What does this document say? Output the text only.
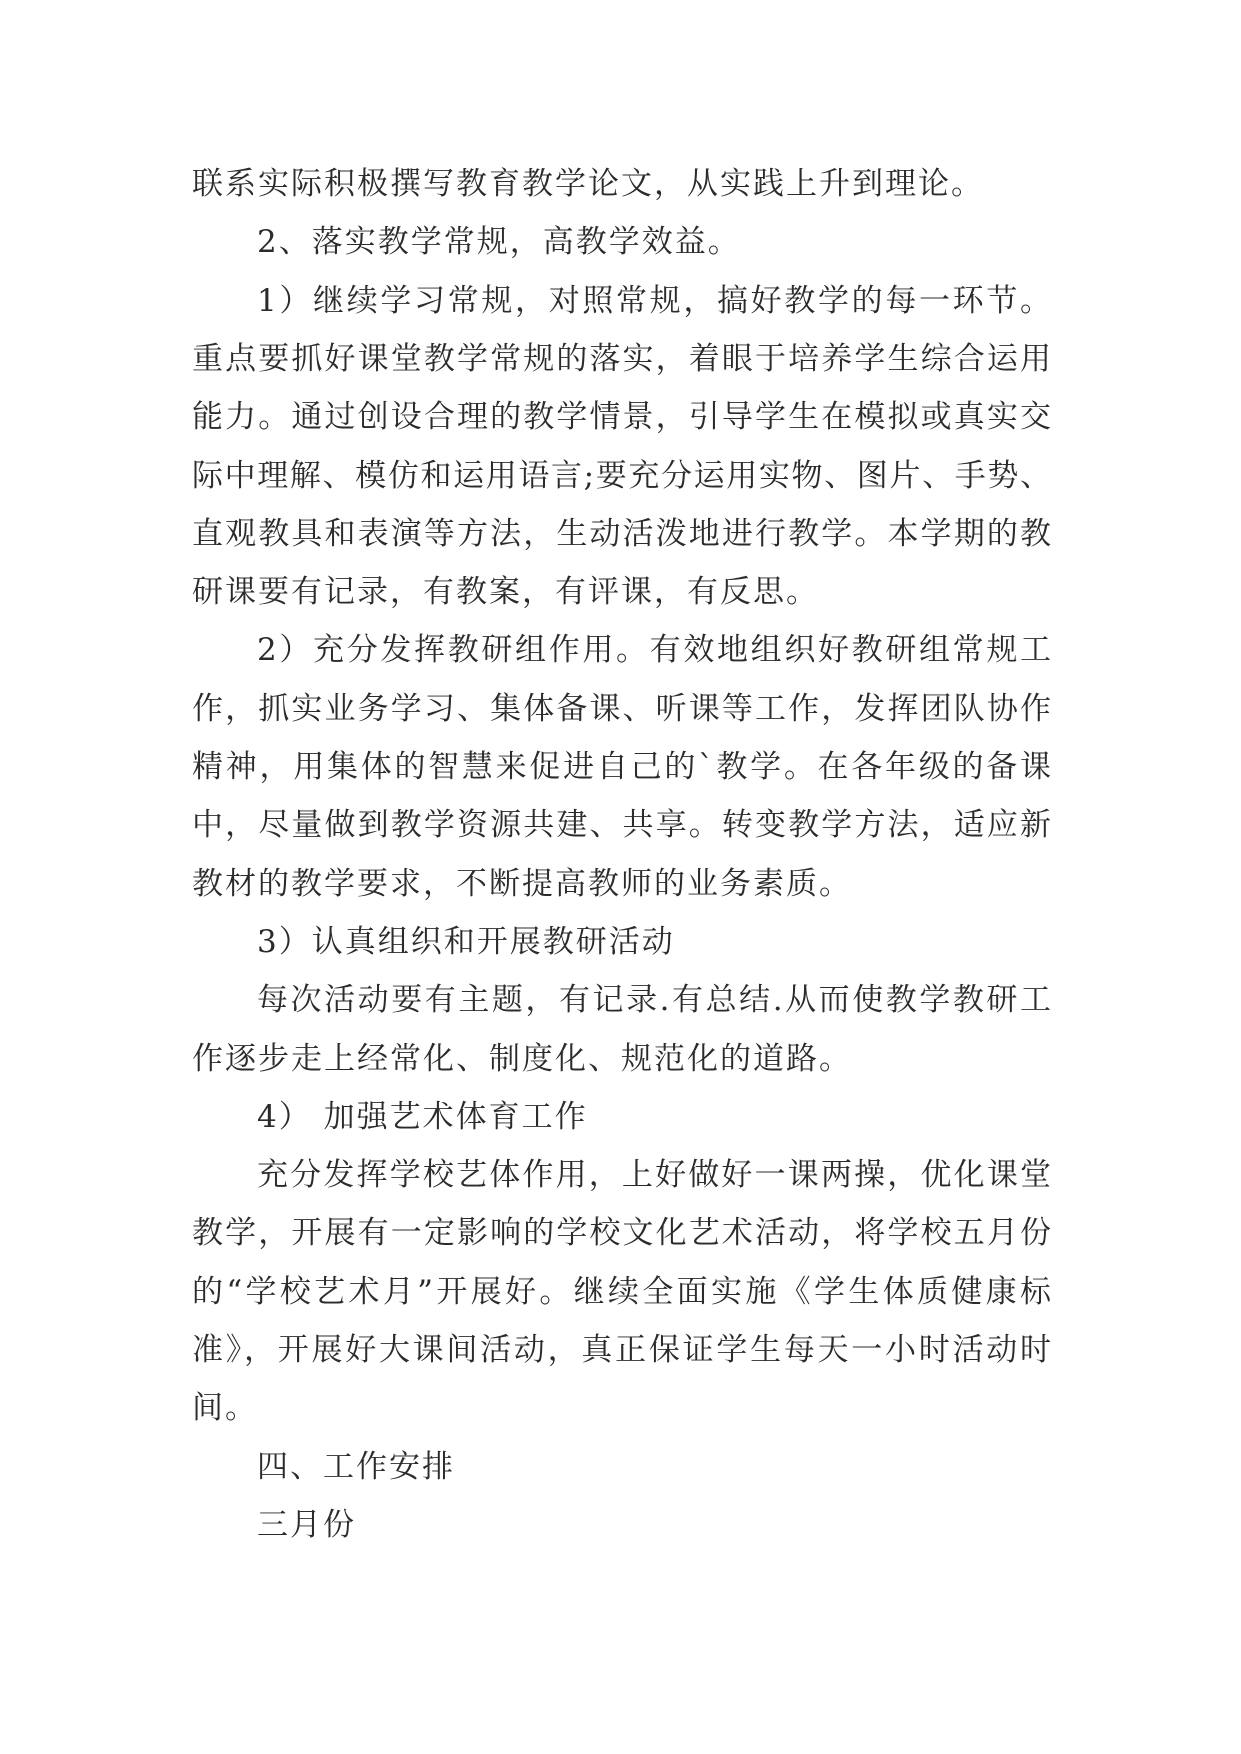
联系实际积极撰写教育教学论文，从实践上升到理论。
2、落实教学常规，高教学效益。
1）继续学习常规，对照常规，搞好教学的每一环节。
重点要抓好课堂教学常规的落实，着眼于培养学生综合运用
能力。通过创设合理的教学情景，引导学生在模拟或真实交
际中理解、模仿和运用语言;要充分运用实物、图片、手势、
直观教具和表演等方法，生动活泼地进行教学。本学期的教
研课要有记录，有教案，有评课，有反思。
2）充分发挥教研组作用。有效地组织好教研组常规工
作，抓实业务学习、集体备课、听课等工作，发挥团队协作
精神，用集体的智慧来促进自己的`教学。在各年级的备课
中，尽量做到教学资源共建、共享。转变教学方法，适应新
教材的教学要求，不断提高教师的业务素质。
3）认真组织和开展教研活动
每次活动要有主题，有记录.有总结.从而使教学教研工
作逐步走上经常化、制度化、规范化的道路。
4） 加强艺术体育工作
充分发挥学校艺体作用，上好做好一课两操，优化课堂
教学，开展有一定影响的学校文化艺术活动，将学校五月份
的“学校艺术月”开展好。继续全面实施《学生体质健康标
准》，开展好大课间活动，真正保证学生每天一小时活动时
间。
四、工作安排
三月份
